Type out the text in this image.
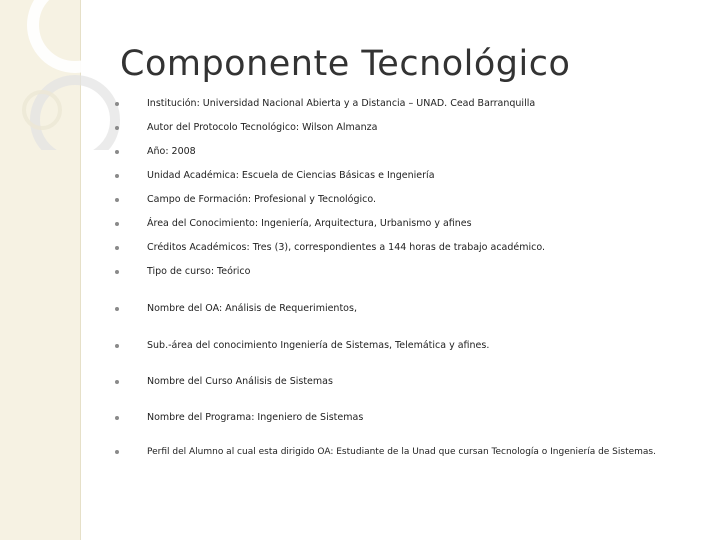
Componente Tecnológico
Institución: Universidad Nacional Abierta y a Distancia – UNAD. Cead Barranquilla
Autor del Protocolo Tecnológico: Wilson Almanza
Año: 2008
Unidad Académica: Escuela de Ciencias Básicas e Ingeniería
Campo de Formación: Profesional y Tecnológico.
Área del Conocimiento: Ingeniería, Arquitectura, Urbanismo y afines
Créditos Académicos: Tres (3), correspondientes a 144 horas de trabajo académico.
Tipo de curso: Teórico
Nombre del OA: Análisis de Requerimientos,
Sub.-área del conocimiento Ingeniería de Sistemas, Telemática y afines.
Nombre del Curso Análisis de Sistemas
Nombre del Programa: Ingeniero de Sistemas
Perfil del Alumno al cual esta dirigido OA: Estudiante de la Unad que cursan Tecnología o Ingeniería de Sistemas.
